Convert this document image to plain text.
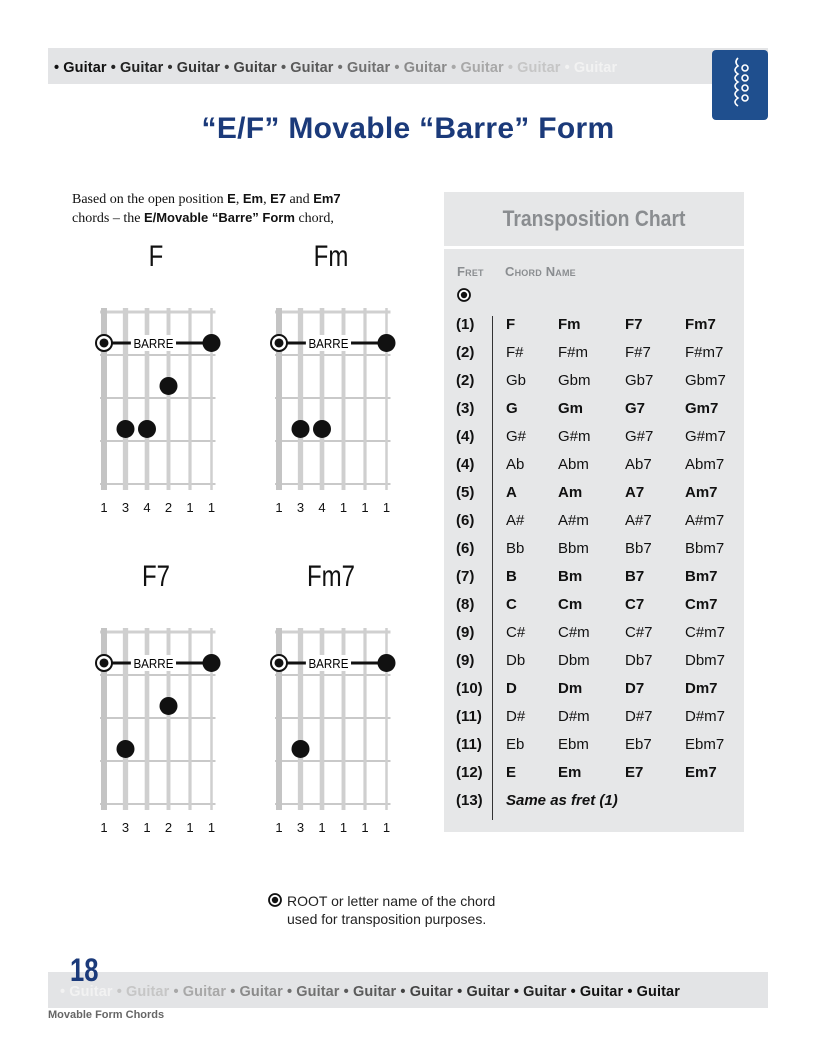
• Guitar • Guitar • Guitar • Guitar • Guitar • Guitar • Guitar • Guitar • Guitar • Guitar
“E/F” Movable “Barre” Form
Based on the open position E, Em, E7 and Em7
chords – the E/Movable “Barre” Form chord,
F
BARRE
1 3 4 2 1 1
Fm
BARRE
1 3 4 1 1 1
F7
BARRE
1 3 1 2 1 1
Fm7
BARRE
1 3 1 1 1 1
Transposition Chart
Fret Chord Name
(1)	F	Fm	F7	Fm7
(2)	F# F#m F#7 F#m7
(2)	Gb Gbm Gb7 Gbm7
(3)	G	Gm	G7	Gm7
(4)	G# G#m G#7 G#m7
(4)	Ab Abm Ab7 Abm7
(5)	A	Am	A7	Am7
(6)	A# A#m A#7 A#m7
(6)	Bb Bbm Bb7 Bbm7
(7)	B	Bm	B7	Bm7
(8)	C	Cm	C7	Cm7
(9)	C# C#m C#7 C#m7
(9)	Db Dbm Db7 Dbm7
(10)	D	Dm	D7	Dm7
(11)	D# D#m D#7 D#m7
(11)	Eb Ebm Eb7 Ebm7
(12)	E	Em	E7	Em7
(13)	Same as fret (1)
ROOT or letter name of the chord
used for transposition purposes.
18
• Guitar • Guitar • Guitar • Guitar • Guitar • Guitar • Guitar • Guitar • Guitar • Guitar • Guitar
Movable Form Chords
